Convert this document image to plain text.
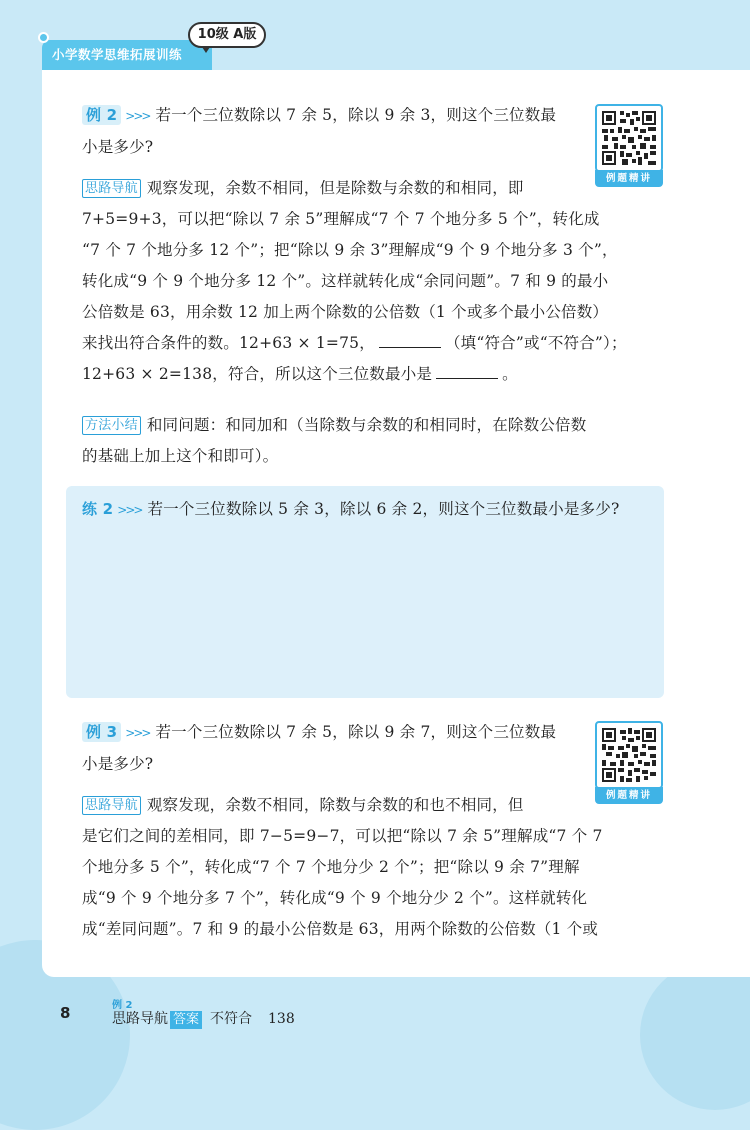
小学数学思维拓展训练
10级 A版
例 2 >>> 若一个三位数除以 7 余 5，除以 9 余 3，则这个三位数最
小是多少?
例题精讲
思路导航 观察发现，余数不相同，但是除数与余数的和相同，即
7+5=9+3，可以把“除以 7 余 5”理解成“7 个 7 个地分多 5 个”，转化成
“7 个 7 个地分多 12 个”；把“除以 9 余 3”理解成“9 个 9 个地分多 3 个”，
转化成“9 个 9 个地分多 12 个”。这样就转化成“余同问题”。7 和 9 的最小
公倍数是 63，用余数 12 加上两个除数的公倍数（1 个或多个最小公倍数）
来找出符合条件的数。12+63 × 1=75，	（填“符合”或“不符合”）；
12+63 × 2=138，符合，所以这个三位数最小是	。
方法小结 和同问题：和同加和（当除数与余数的和相同时，在除数公倍数
的基础上加上这个和即可）。
练 2 >>> 若一个三位数除以 5 余 3，除以 6 余 2，则这个三位数最小是多少?
例 3 >>> 若一个三位数除以 7 余 5，除以 9 余 7，则这个三位数最
小是多少?
例题精讲
思路导航 观察发现，余数不相同，除数与余数的和也不相同，但
是它们之间的差相同，即 7−5=9−7，可以把“除以 7 余 5”理解成“7 个 7
个地分多 5 个”，转化成“7 个 7 个地分少 2 个”；把“除以 9 余 7”理解
成“9 个 9 个地分多 7 个”，转化成“9 个 9 个地分少 2 个”。这样就转化
成“差同问题”。7 和 9 的最小公倍数是 63，用两个除数的公倍数（1 个或
8	例 2
思路导航 答案 不符合 138
